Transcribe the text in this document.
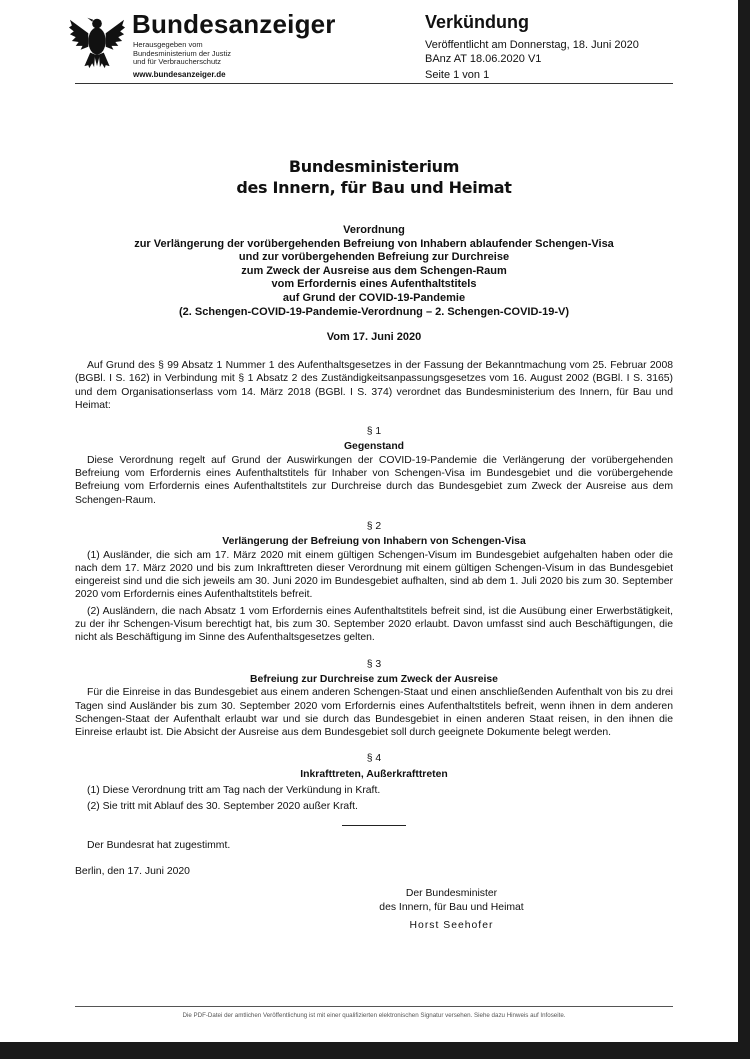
Bundesanzeiger
Herausgegeben vom
Bundesministerium der Justiz
und für Verbraucherschutz
www.bundesanzeiger.de
Verkündung
Veröffentlicht am Donnerstag, 18. Juni 2020
BAnz AT 18.06.2020 V1
Seite 1 von 1
Bundesministerium
des Innern, für Bau und Heimat
Verordnung
zur Verlängerung der vorübergehenden Befreiung von Inhabern ablaufender Schengen-Visa
und zur vorübergehenden Befreiung zur Durchreise
zum Zweck der Ausreise aus dem Schengen-Raum
vom Erfordernis eines Aufenthaltstitels
auf Grund der COVID-19-Pandemie
(2. Schengen-COVID-19-Pandemie-Verordnung – 2. Schengen-COVID-19-V)
Vom 17. Juni 2020

Auf Grund des § 99 Absatz 1 Nummer 1 des Aufenthaltsgesetzes in der Fassung der Bekanntmachung vom 25. Februar 2008 (BGBl. I S. 162) in Verbindung mit § 1 Absatz 2 des Zuständigkeitsanpassungsgesetzes vom 16. August 2002 (BGBl. I S. 3165) und dem Organisationserlass vom 14. März 2018 (BGBl. I S. 374) verordnet das Bundesministerium des Innern, für Bau und Heimat:

§ 1
Gegenstand

Diese Verordnung regelt auf Grund der Auswirkungen der COVID-19-Pandemie die Verlängerung der vorübergehenden Befreiung vom Erfordernis eines Aufenthaltstitels für Inhaber von Schengen-Visa im Bundesgebiet und die vorübergehende Befreiung vom Erfordernis eines Aufenthaltstitels zur Durchreise durch das Bundesgebiet zum Zweck der Ausreise aus dem Schengen-Raum.

§ 2
Verlängerung der Befreiung von Inhabern von Schengen-Visa

(1) Ausländer, die sich am 17. März 2020 mit einem gültigen Schengen-Visum im Bundesgebiet aufgehalten haben oder die nach dem 17. März 2020 und bis zum Inkrafttreten dieser Verordnung mit einem gültigen Schengen-Visum in das Bundesgebiet eingereist sind und die sich jeweils am 30. Juni 2020 im Bundesgebiet aufhalten, sind ab dem 1. Juli 2020 bis zum 30. September 2020 vom Erfordernis eines Aufenthaltstitels befreit.

(2) Ausländern, die nach Absatz 1 vom Erfordernis eines Aufenthaltstitels befreit sind, ist die Ausübung einer Erwerbstätigkeit, zu der ihr Schengen-Visum berechtigt hat, bis zum 30. September 2020 erlaubt. Davon umfasst sind auch Beschäftigungen, die nicht als Beschäftigung im Sinne des Aufenthaltsgesetzes gelten.

§ 3
Befreiung zur Durchreise zum Zweck der Ausreise

Für die Einreise in das Bundesgebiet aus einem anderen Schengen-Staat und einen anschließenden Aufenthalt von bis zu drei Tagen sind Ausländer bis zum 30. September 2020 vom Erfordernis eines Aufenthaltstitels befreit, wenn ihnen in dem anderen Schengen-Staat der Aufenthalt erlaubt war und sie durch das Bundesgebiet in einen anderen Staat reisen, in den ihnen die Einreise erlaubt ist. Die Absicht der Ausreise aus dem Bundesgebiet soll durch geeignete Dokumente belegt werden.

§ 4
Inkrafttreten, Außerkrafttreten

(1) Diese Verordnung tritt am Tag nach der Verkündung in Kraft.

(2) Sie tritt mit Ablauf des 30. September 2020 außer Kraft.

Der Bundesrat hat zugestimmt.

Berlin, den 17. Juni 2020

Der Bundesminister
des Innern, für Bau und Heimat
Horst Seehofer
Die PDF-Datei der amtlichen Veröffentlichung ist mit einer qualifizierten elektronischen Signatur versehen. Siehe dazu Hinweis auf Infoseite.
